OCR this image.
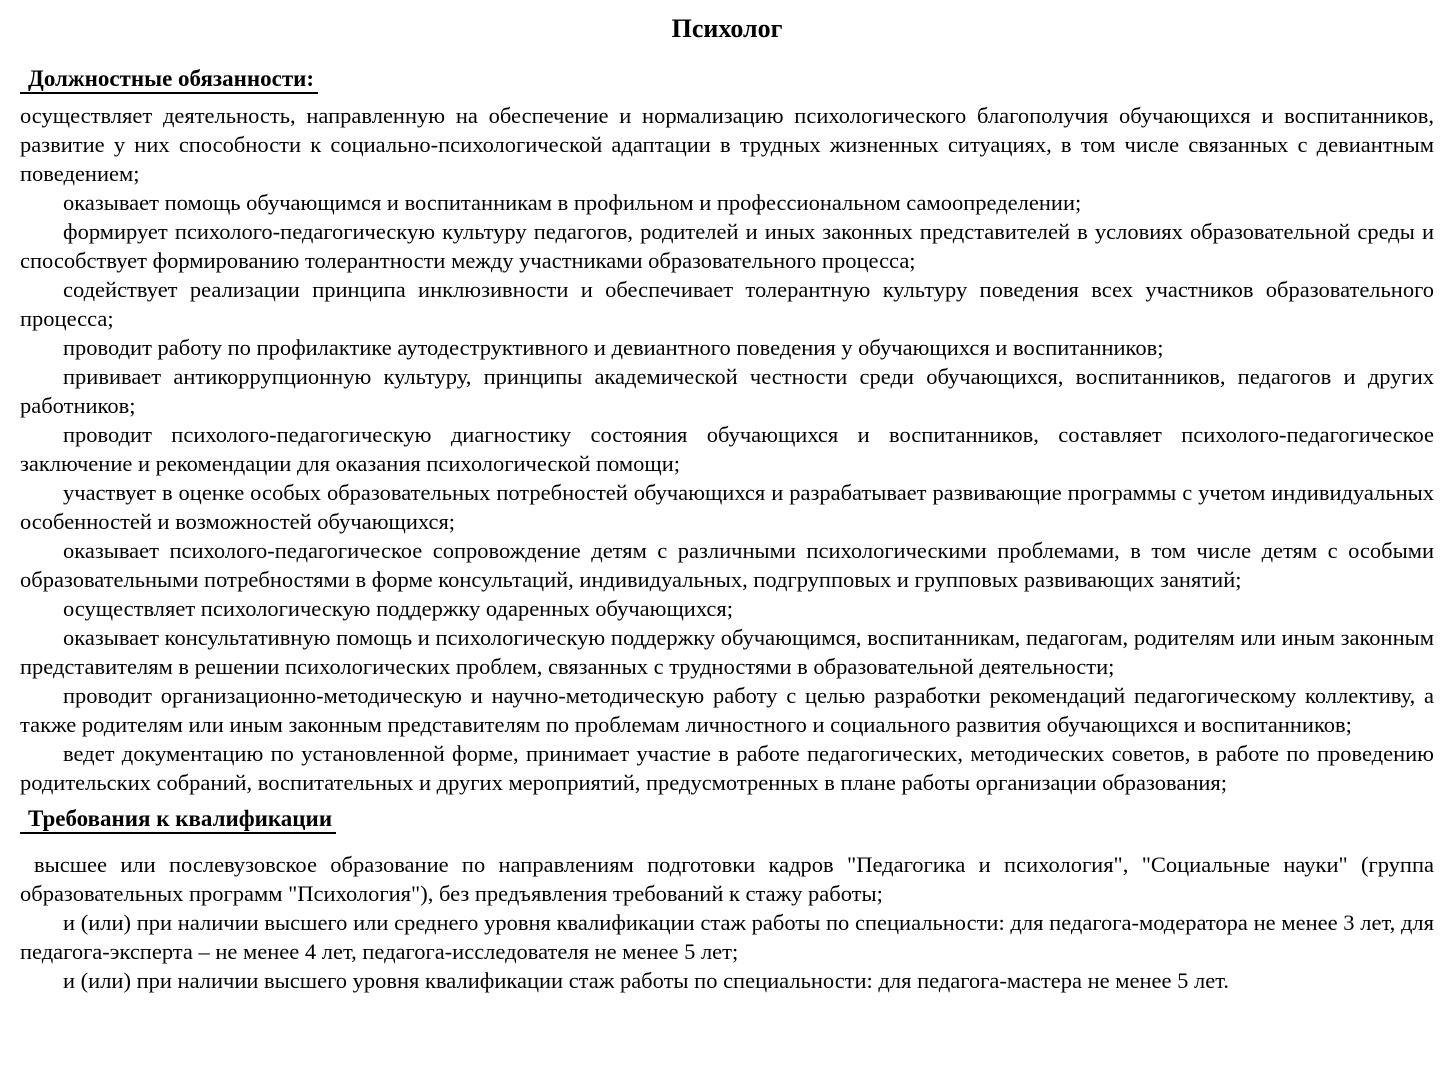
Психолог
Должностные обязанности:

осуществляет деятельность, направленную на обеспечение и нормализацию психологического благополучия обучающихся и воспитанников, развитие у них способности к социально-психологической адаптации в трудных жизненных ситуациях, в том числе связанных с девиантным поведением;

оказывает помощь обучающимся и воспитанникам в профильном и профессиональном самоопределении;

формирует психолого-педагогическую культуру педагогов, родителей и иных законных представителей в условиях образовательной среды и способствует формированию толерантности между участниками образовательного процесса;

содействует реализации принципа инклюзивности и обеспечивает толерантную культуру поведения всех участников образовательного процесса;

проводит работу по профилактике аутодеструктивного и девиантного поведения у обучающихся и воспитанников;

прививает антикоррупционную культуру, принципы академической честности среди обучающихся, воспитанников, педагогов и других работников;

проводит психолого-педагогическую диагностику состояния обучающихся и воспитанников, составляет психолого-педагогическое заключение и рекомендации для оказания психологической помощи;

участвует в оценке особых образовательных потребностей обучающихся и разрабатывает развивающие программы с учетом индивидуальных особенностей и возможностей обучающихся;

оказывает психолого-педагогическое сопровождение детям с различными психологическими проблемами, в том числе детям с особыми образовательными потребностями в форме консультаций, индивидуальных, подгрупповых и групповых развивающих занятий;

осуществляет психологическую поддержку одаренных обучающихся;

оказывает консультативную помощь и психологическую поддержку обучающимся, воспитанникам, педагогам, родителям или иным законным представителям в решении психологических проблем, связанных с трудностями в образовательной деятельности;

проводит организационно-методическую и научно-методическую работу с целью разработки рекомендаций педагогическому коллективу, а также родителям или иным законным представителям по проблемам личностного и социального развития обучающихся и воспитанников;

ведет документацию по установленной форме, принимает участие в работе педагогических, методических советов, в работе по проведению родительских собраний, воспитательных и других мероприятий, предусмотренных в плане работы организации образования;

Требования к квалификации

высшее или послевузовское образование по направлениям подготовки кадров "Педагогика и психология", "Социальные науки" (группа образовательных программ "Психология"), без предъявления требований к стажу работы;

и (или) при наличии высшего или среднего уровня квалификации стаж работы по специальности: для педагога-модератора не менее 3 лет, для педагога-эксперта – не менее 4 лет, педагога-исследователя не менее 5 лет;

и (или) при наличии высшего уровня квалификации стаж работы по специальности: для педагога-мастера не менее 5 лет.
